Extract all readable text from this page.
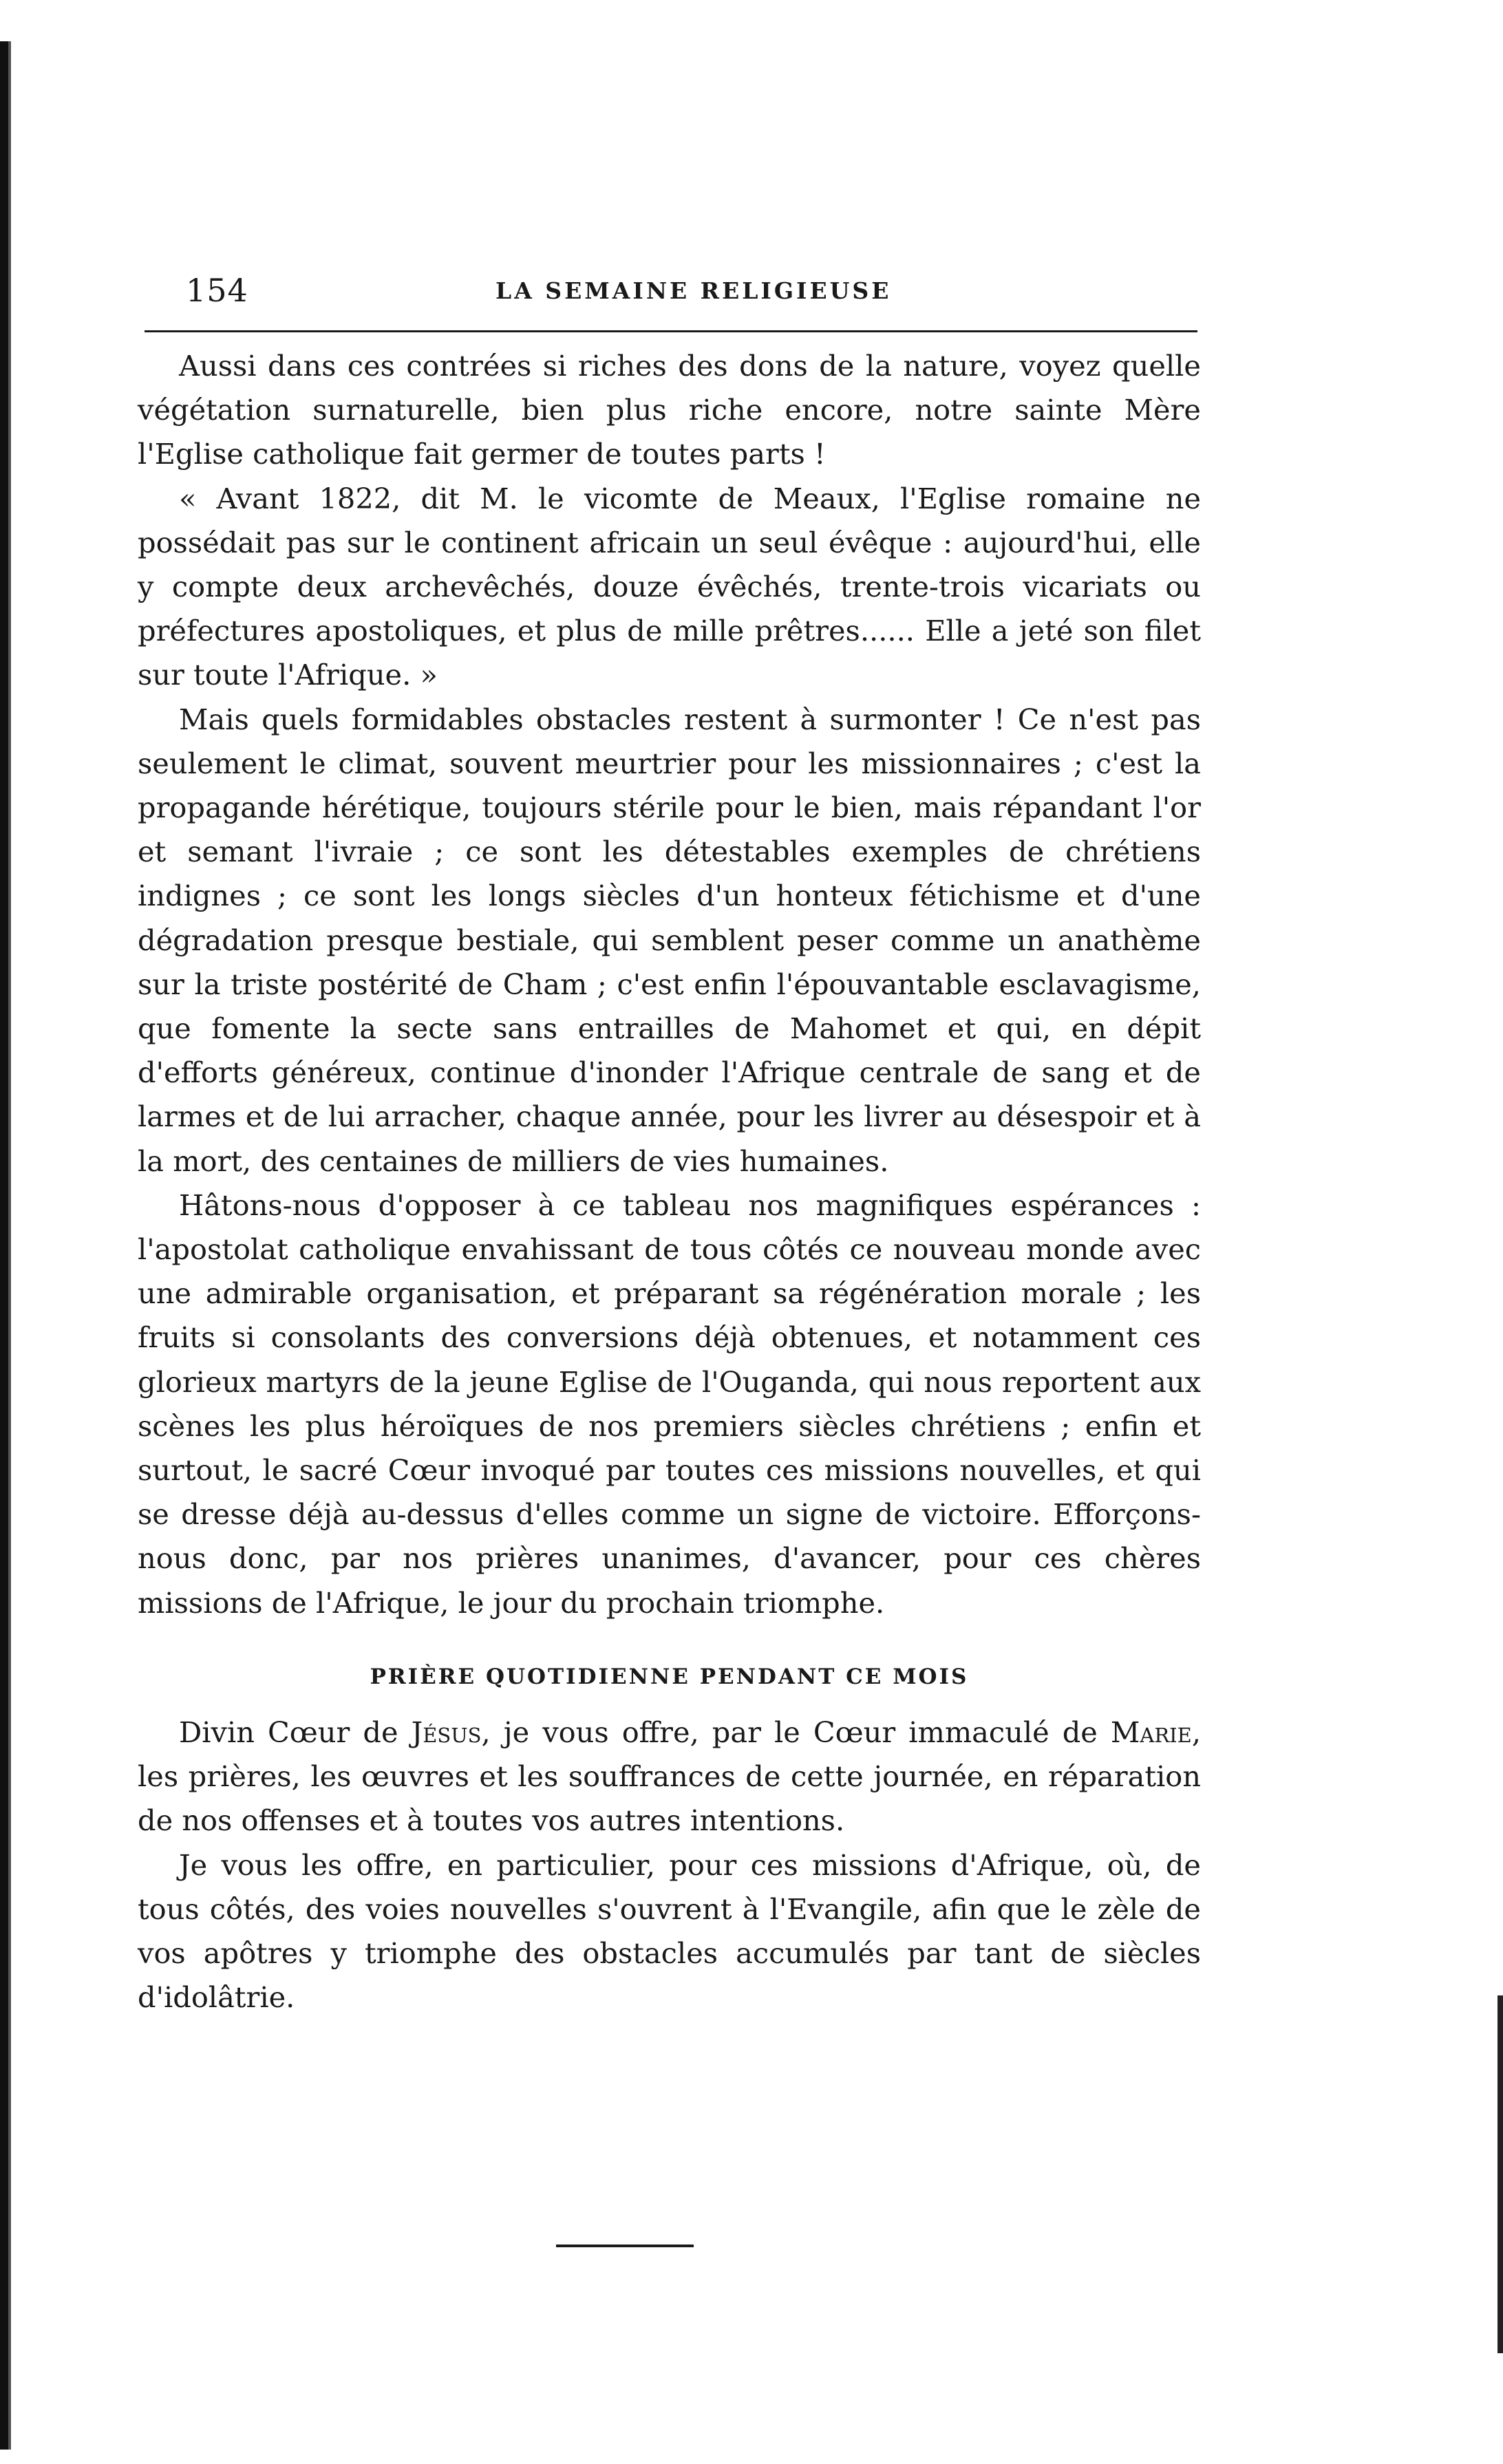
154	LA SEMAINE RELIGIEUSE

Aussi dans ces contrées si riches des dons de la nature, voyez quelle végétation surnaturelle, bien plus riche encore, notre sainte Mère l'Eglise catholique fait germer de toutes parts !

« Avant 1822, dit M. le vicomte de Meaux, l'Eglise romaine ne possédait pas sur le continent africain un seul évêque : aujourd'hui, elle y compte deux archevêchés, douze évêchés, trente-trois vicariats ou préfectures apostoliques, et plus de mille prêtres...... Elle a jeté son filet sur toute l'Afrique. »

Mais quels formidables obstacles restent à surmonter ! Ce n'est pas seulement le climat, souvent meurtrier pour les missionnaires ; c'est la propagande hérétique, toujours stérile pour le bien, mais répandant l'or et semant l'ivraie ; ce sont les détestables exemples de chrétiens indignes ; ce sont les longs siècles d'un honteux fétichisme et d'une dégradation presque bestiale, qui semblent peser comme un anathème sur la triste postérité de Cham ; c'est enfin l'épouvantable esclavagisme, que fomente la secte sans entrailles de Mahomet et qui, en dépit d'efforts généreux, continue d'inonder l'Afrique centrale de sang et de larmes et de lui arracher, chaque année, pour les livrer au désespoir et à la mort, des centaines de milliers de vies humaines.

Hâtons-nous d'opposer à ce tableau nos magnifiques espérances : l'apostolat catholique envahissant de tous côtés ce nouveau monde avec une admirable organisation, et préparant sa régénération morale ; les fruits si consolants des conversions déjà obtenues, et notamment ces glorieux martyrs de la jeune Eglise de l'Ouganda, qui nous reportent aux scènes les plus héroïques de nos premiers siècles chrétiens ; enfin et surtout, le sacré Cœur invoqué par toutes ces missions nouvelles, et qui se dresse déjà au-dessus d'elles comme un signe de victoire. Efforçons-nous donc, par nos prières unanimes, d'avancer, pour ces chères missions de l'Afrique, le jour du prochain triomphe.

PRIÈRE QUOTIDIENNE PENDANT CE MOIS

Divin Cœur de Jésus, je vous offre, par le Cœur immaculé de Marie, les prières, les œuvres et les souffrances de cette journée, en réparation de nos offenses et à toutes vos autres intentions.

Je vous les offre, en particulier, pour ces missions d'Afrique, où, de tous côtés, des voies nouvelles s'ouvrent à l'Evangile, afin que le zèle de vos apôtres y triomphe des obstacles accumulés par tant de siècles d'idolâtrie.
